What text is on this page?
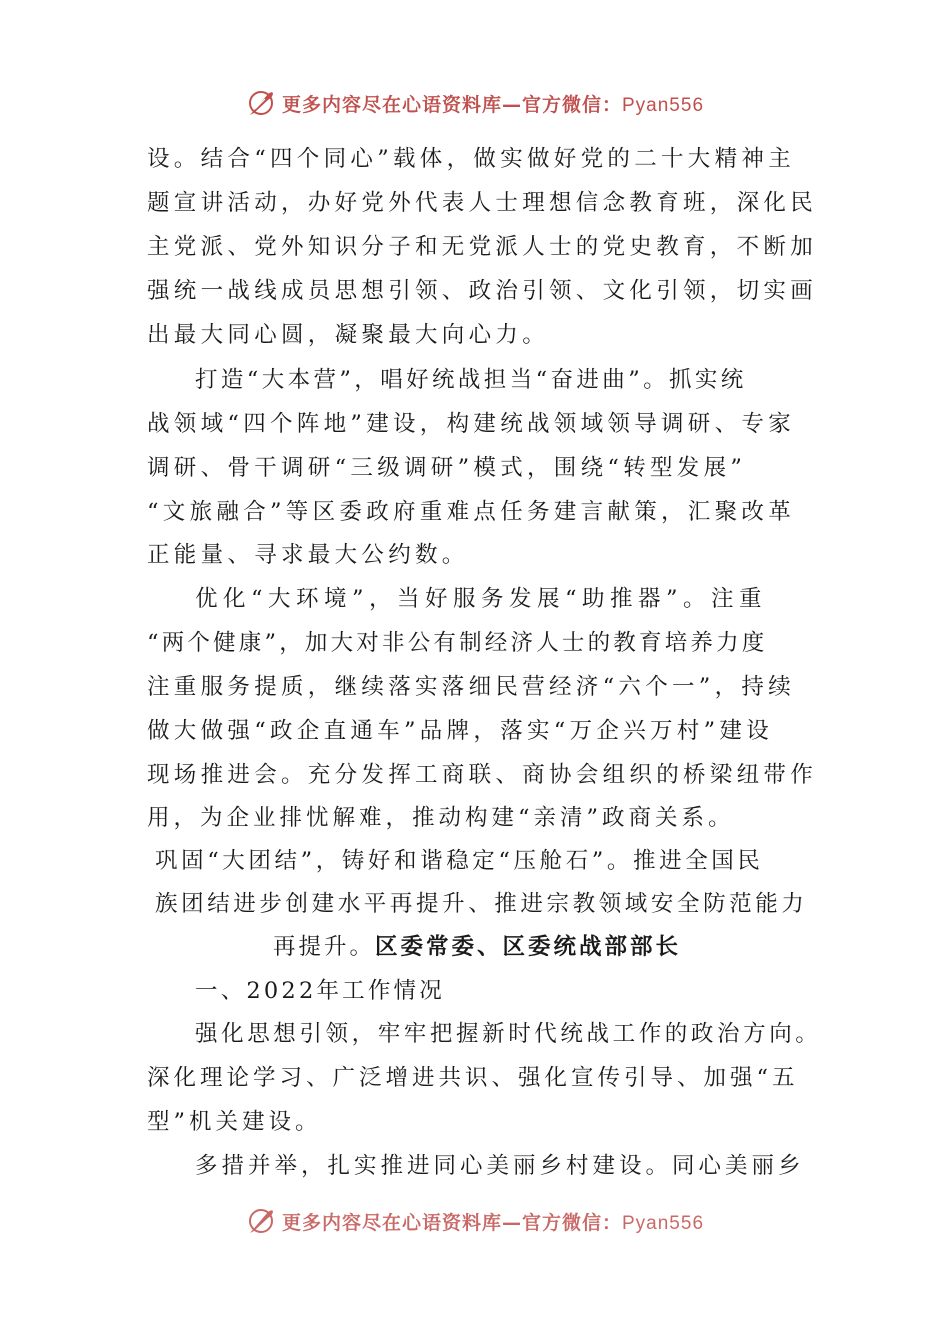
更多内容尽在心语资料库—官方微信：Pyan556
设。结合“四个同心”载体，做实做好党的二十大精神主
题宣讲活动，办好党外代表人士理想信念教育班，深化民
主党派、党外知识分子和无党派人士的党史教育，不断加
强统一战线成员思想引领、政治引领、文化引领，切实画
出最大同心圆，凝聚最大向心力。
打造“大本营”，唱好统战担当“奋进曲”。抓实统
战领域“四个阵地”建设，构建统战领域领导调研、专家
调研、骨干调研“三级调研”模式，围绕“转型发展”
“文旅融合”等区委政府重难点任务建言献策，汇聚改革
正能量、寻求最大公约数。
优化“大环境”，当好服务发展“助推器”。注重
“两个健康”，加大对非公有制经济人士的教育培养力度
注重服务提质，继续落实落细民营经济“六个一”，持续
做大做强“政企直通车”品牌，落实“万企兴万村”建设
现场推进会。充分发挥工商联、商协会组织的桥梁纽带作
用，为企业排忧解难，推动构建“亲清”政商关系。
巩固“大团结”，铸好和谐稳定“压舱石”。推进全国民
族团结进步创建水平再提升、推进宗教领域安全防范能力
再提升。区委常委、区委统战部部长
一、2022年工作情况
强化思想引领，牢牢把握新时代统战工作的政治方向。
深化理论学习、广泛增进共识、强化宣传引导、加强“五
型”机关建设。
多措并举，扎实推进同心美丽乡村建设。同心美丽乡
更多内容尽在心语资料库—官方微信：Pyan556
